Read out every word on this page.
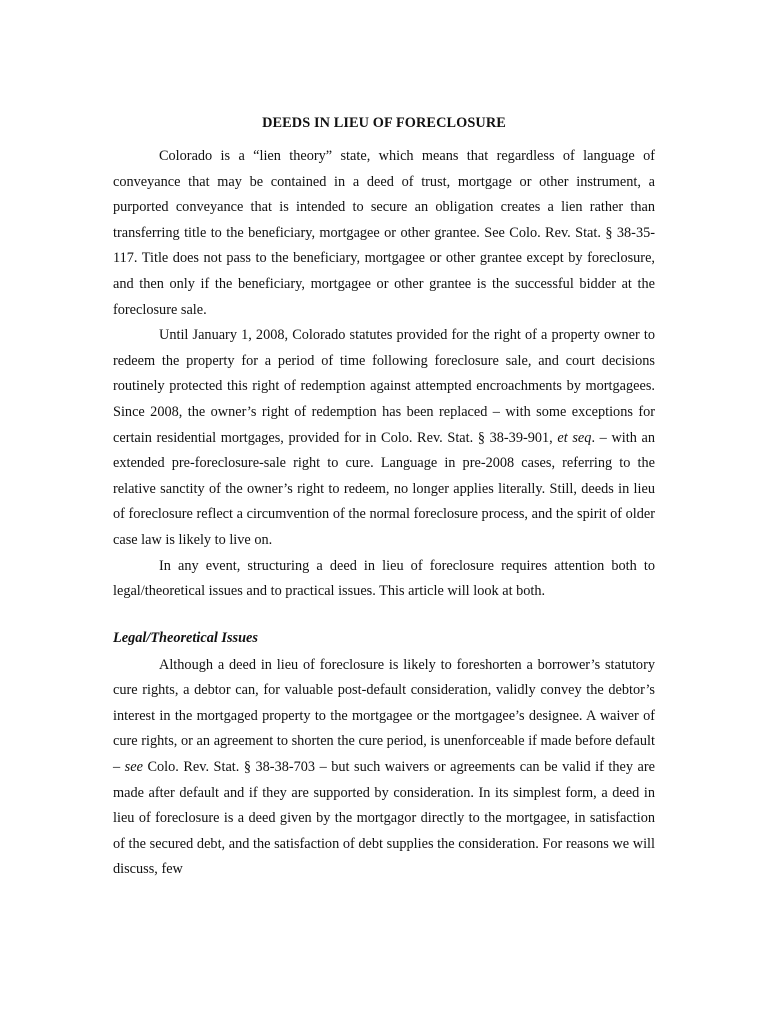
DEEDS IN LIEU OF FORECLOSURE

Colorado is a “lien theory” state, which means that regardless of language of conveyance that may be contained in a deed of trust, mortgage or other instrument, a purported conveyance that is intended to secure an obligation creates a lien rather than transferring title to the beneficiary, mortgagee or other grantee. See Colo. Rev. Stat. § 38-35-117. Title does not pass to the beneficiary, mortgagee or other grantee except by foreclosure, and then only if the beneficiary, mortgagee or other grantee is the successful bidder at the foreclosure sale.

Until January 1, 2008, Colorado statutes provided for the right of a property owner to redeem the property for a period of time following foreclosure sale, and court decisions routinely protected this right of redemption against attempted encroachments by mortgagees. Since 2008, the owner’s right of redemption has been replaced – with some exceptions for certain residential mortgages, provided for in Colo. Rev. Stat. § 38-39-901, et seq. – with an extended pre-foreclosure-sale right to cure. Language in pre-2008 cases, referring to the relative sanctity of the owner’s right to redeem, no longer applies literally. Still, deeds in lieu of foreclosure reflect a circumvention of the normal foreclosure process, and the spirit of older case law is likely to live on.

In any event, structuring a deed in lieu of foreclosure requires attention both to legal/theoretical issues and to practical issues. This article will look at both.

Legal/Theoretical Issues

Although a deed in lieu of foreclosure is likely to foreshorten a borrower’s statutory cure rights, a debtor can, for valuable post-default consideration, validly convey the debtor’s interest in the mortgaged property to the mortgagee or the mortgagee’s designee. A waiver of cure rights, or an agreement to shorten the cure period, is unenforceable if made before default – see Colo. Rev. Stat. § 38-38-703 – but such waivers or agreements can be valid if they are made after default and if they are supported by consideration. In its simplest form, a deed in lieu of foreclosure is a deed given by the mortgagor directly to the mortgagee, in satisfaction of the secured debt, and the satisfaction of debt supplies the consideration. For reasons we will discuss, few
